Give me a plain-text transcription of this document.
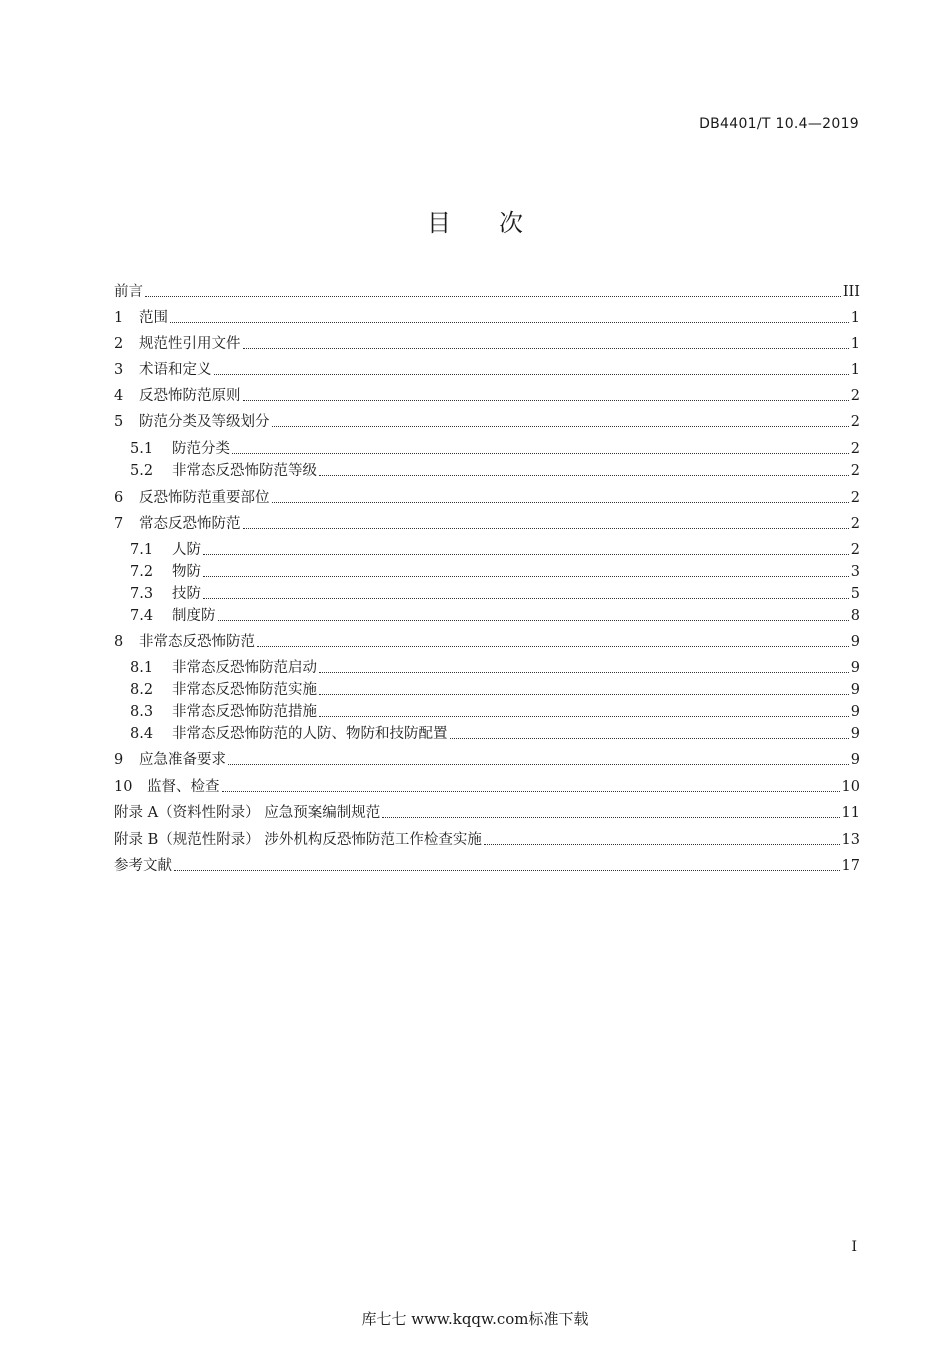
DB4401/T 10.4—2019
目次
前言	III
1	范围	1
2	规范性引用文件	1
3	术语和定义	1
4	反恐怖防范原则	2
5	防范分类及等级划分	2
5.1	防范分类	2
5.2	非常态反恐怖防范等级	2
6	反恐怖防范重要部位	2
7	常态反恐怖防范	2
7.1	人防	2
7.2	物防	3
7.3	技防	5
7.4	制度防	8
8	非常态反恐怖防范	9
8.1	非常态反恐怖防范启动	9
8.2	非常态反恐怖防范实施	9
8.3	非常态反恐怖防范措施	9
8.4	非常态反恐怖防范的人防、物防和技防配置	9
9	应急准备要求	9
10	监督、检查	10
附录 A（资料性附录） 应急预案编制规范	11
附录 B（规范性附录） 涉外机构反恐怖防范工作检查实施	13
参考文献	17
I
库七七 www.kqqw.com标准下载
